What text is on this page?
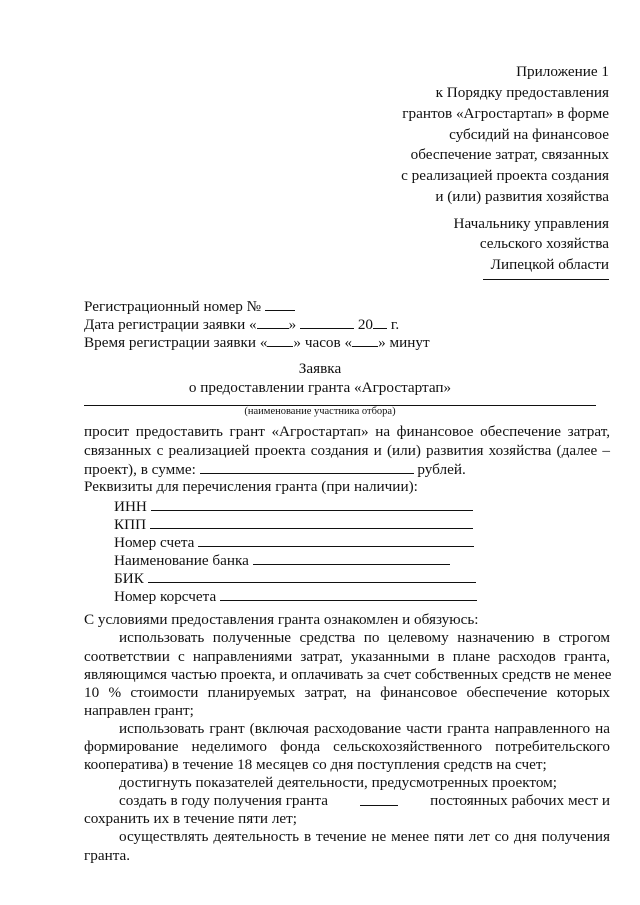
Приложение 1
к Порядку предоставления
грантов «Агростартап» в форме
субсидий на финансовое
обеспечение затрат, связанных
с реализацией проекта создания
и (или) развития хозяйства
Начальнику управления
сельского хозяйства
Липецкой области
Регистрационный номер №
Дата регистрации заявки « »	20 г.
Время регистрации заявки « » часов « » минут
Заявка
о предоставлении гранта «Агростартап»
(наименование участника отбора)
просит предоставить грант «Агростартап» на финансовое обеспечение затрат,
связанных с реализацией проекта создания и (или) развития хозяйства (далее –
проект), в сумме:	рублей.
Реквизиты для перечисления гранта (при наличии):
ИНН
КПП
Номер счета
Наименование банка
БИК
Номер корсчета
С условиями предоставления гранта ознакомлен и обязуюсь:
использовать полученные средства по целевому назначению в строгом
соответствии с направлениями затрат, указанными в плане расходов гранта,
являющимся частью проекта, и оплачивать за счет собственных средств не менее
10 % стоимости планируемых затрат, на финансовое обеспечение которых
направлен грант;
использовать грант (включая расходование части гранта направленного на
формирование неделимого фонда сельскохозяйственного потребительского
кооператива) в течение 18 месяцев со дня поступления средств на счет;
достигнуть показателей деятельности, предусмотренных проектом;
создать в году получения гранта	постоянных рабочих мест и
сохранить их в течение пяти лет;
осуществлять деятельность в течение не менее пяти лет со дня получения
гранта.
